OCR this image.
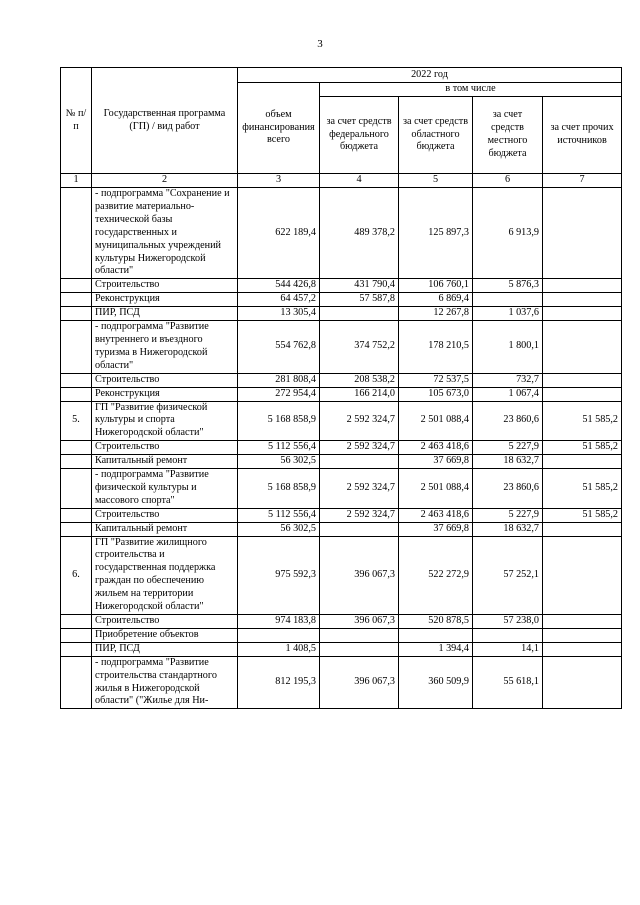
3
№ п/п	Государственная программа (ГП) / вид работ	2022 год				
		объем финансирования всего	в том числе			
			за счет средств федерального бюджета	за счет средств областного бюджета	за счет средств местного бюджета	за счет прочих источников
1	2	3	4	5	6	7
	- подпрограмма "Сохранение и развитие материально-технической базы государственных и муниципальных учреждений культуры Нижегородской области"	622 189,4	489 378,2	125 897,3	6 913,9	
	Строительство	544 426,8	431 790,4	106 760,1	5 876,3	
	Реконструкция	64 457,2	57 587,8	6 869,4		
	ПИР, ПСД	13 305,4		12 267,8	1 037,6	
	- подпрограмма "Развитие внутреннего и въездного туризма в Нижегородской области"	554 762,8	374 752,2	178 210,5	1 800,1	
	Строительство	281 808,4	208 538,2	72 537,5	732,7	
	Реконструкция	272 954,4	166 214,0	105 673,0	1 067,4	
5.	ГП "Развитие физической культуры и спорта Нижегородской области"	5 168 858,9	2 592 324,7	2 501 088,4	23 860,6	51 585,2
	Строительство	5 112 556,4	2 592 324,7	2 463 418,6	5 227,9	51 585,2
	Капитальный ремонт	56 302,5		37 669,8	18 632,7	
	- подпрограмма "Развитие физической культуры и массового спорта"	5 168 858,9	2 592 324,7	2 501 088,4	23 860,6	51 585,2
	Строительство	5 112 556,4	2 592 324,7	2 463 418,6	5 227,9	51 585,2
	Капитальный ремонт	56 302,5		37 669,8	18 632,7	
6.	ГП "Развитие жилищного строительства и государственная поддержка граждан по обеспечению жильем на территории Нижегородской области"	975 592,3	396 067,3	522 272,9	57 252,1	
	Строительство	974 183,8	396 067,3	520 878,5	57 238,0	
	Приобретение объектов					
	ПИР, ПСД	1 408,5		1 394,4	14,1	
	- подпрограмма "Развитие строительства стандартного жилья в Нижегородской области" ("Жилье для Ни-	812 195,3	396 067,3	360 509,9	55 618,1	
